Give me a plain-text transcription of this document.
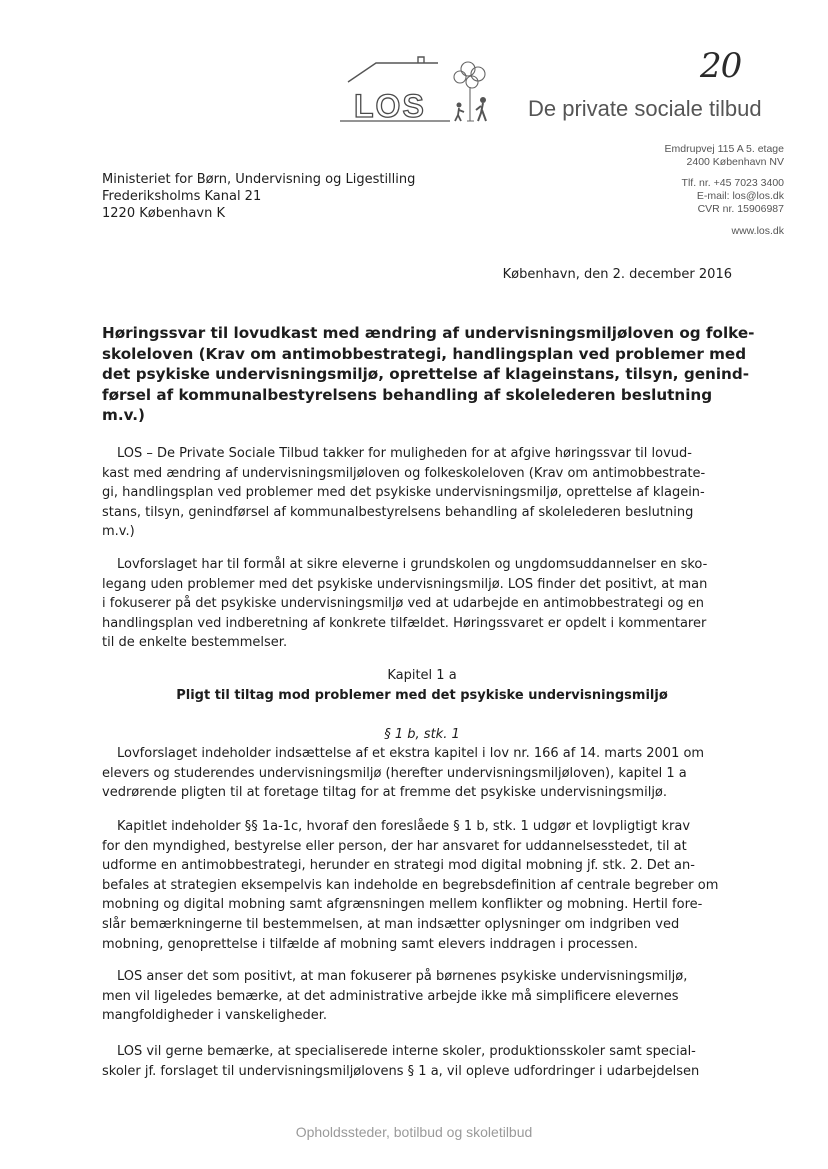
20
LOS	De private sociale tilbud
Emdrupvej 115 A 5. etage
2400 København NV
Tlf. nr. +45 7023 3400
E-mail: los@los.dk
CVR nr. 15906987
www.los.dk
Ministeriet for Børn, Undervisning og Ligestilling
Frederiksholms Kanal 21
1220 København K
København, den 2. december 2016
Høringssvar til lovudkast med ændring af undervisningsmiljøloven og folke-
skoleloven (Krav om antimobbestrategi, handlingsplan ved problemer med
det psykiske undervisningsmiljø, oprettelse af klageinstans, tilsyn, genind-
førsel af kommunalbestyrelsens behandling af skolelederen beslutning
m.v.)
LOS – De Private Sociale Tilbud takker for muligheden for at afgive høringssvar til lovud-
kast med ændring af undervisningsmiljøloven og folkeskoleloven (Krav om antimobbestrate-
gi, handlingsplan ved problemer med det psykiske undervisningsmiljø, oprettelse af klagein-
stans, tilsyn, genindførsel af kommunalbestyrelsens behandling af skolelederen beslutning
m.v.)
Lovforslaget har til formål at sikre eleverne i grundskolen og ungdomsuddannelser en sko-
legang uden problemer med det psykiske undervisningsmiljø. LOS finder det positivt, at man
i fokuserer på det psykiske undervisningsmiljø ved at udarbejde en antimobbestrategi og en
handlingsplan ved indberetning af konkrete tilfældet. Høringssvaret er opdelt i kommentarer
til de enkelte bestemmelser.
Kapitel 1 a
Pligt til tiltag mod problemer med det psykiske undervisningsmiljø
§ 1 b, stk. 1
Lovforslaget indeholder indsættelse af et ekstra kapitel i lov nr. 166 af 14. marts 2001 om
elevers og studerendes undervisningsmiljø (herefter undervisningsmiljøloven), kapitel 1 a
vedrørende pligten til at foretage tiltag for at fremme det psykiske undervisningsmiljø.
Kapitlet indeholder §§ 1a-1c, hvoraf den foreslåede § 1 b, stk. 1 udgør et lovpligtigt krav
for den myndighed, bestyrelse eller person, der har ansvaret for uddannelsesstedet, til at
udforme en antimobbestrategi, herunder en strategi mod digital mobning jf. stk. 2. Det an-
befales at strategien eksempelvis kan indeholde en begrebsdefinition af centrale begreber om
mobning og digital mobning samt afgrænsningen mellem konflikter og mobning. Hertil fore-
slår bemærkningerne til bestemmelsen, at man indsætter oplysninger om indgriben ved
mobning, genoprettelse i tilfælde af mobning samt elevers inddragen i processen.
LOS anser det som positivt, at man fokuserer på børnenes psykiske undervisningsmiljø,
men vil ligeledes bemærke, at det administrative arbejde ikke må simplificere elevernes
mangfoldigheder i vanskeligheder.
LOS vil gerne bemærke, at specialiserede interne skoler, produktionsskoler samt special-
skoler jf. forslaget til undervisningsmiljølovens § 1 a, vil opleve udfordringer i udarbejdelsen
Opholdssteder, botilbud og skoletilbud
